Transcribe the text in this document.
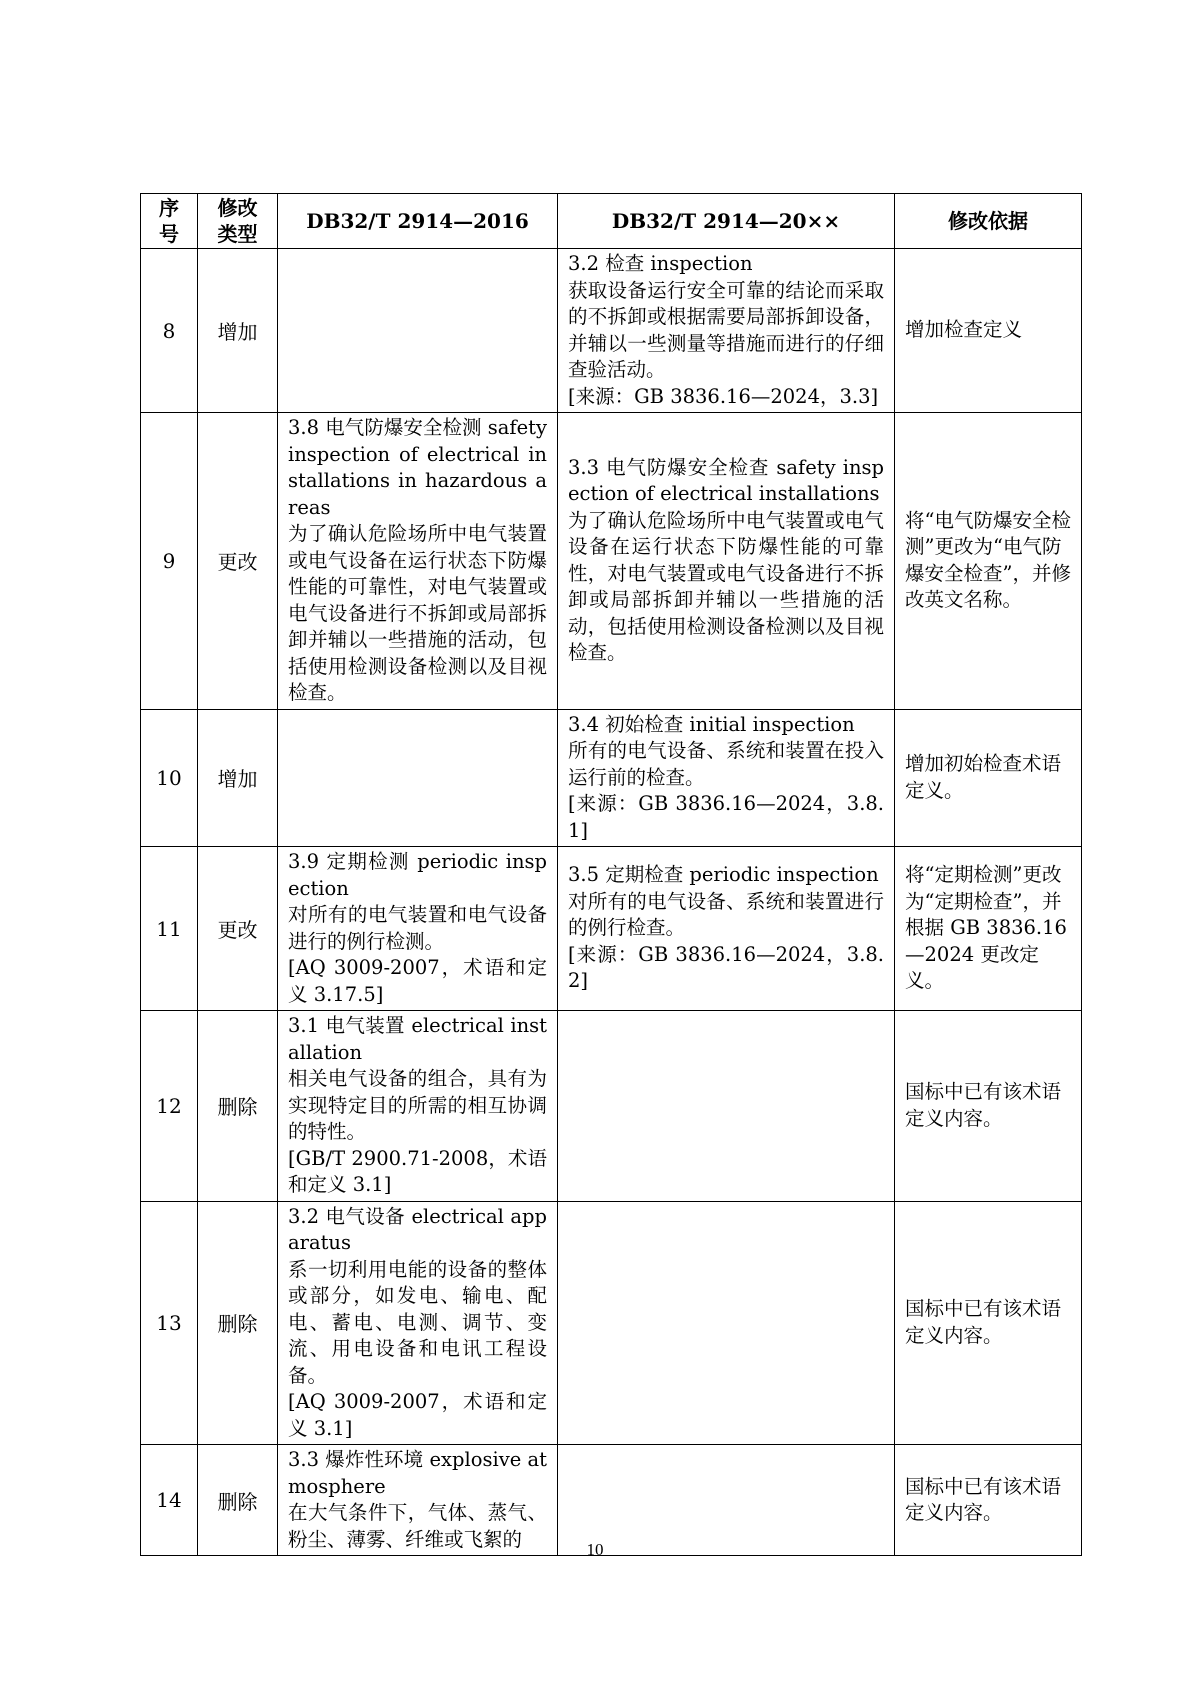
序
号	修改
类型	DB32/T 2914—2016	DB32/T 2914—20××	修改依据
8	增加		3.2 检查 inspection
获取设备运行安全可靠的结论而采取的不拆卸或根据需要局部拆卸设备，并辅以一些测量等措施而进行的仔细查验活动。
[来源：GB 3836.16—2024，3.3]	增加检查定义
9	更改	3.8 电气防爆安全检测 safety inspection of electrical installations in hazardous areas
为了确认危险场所中电气装置或电气设备在运行状态下防爆性能的可靠性，对电气装置或电气设备进行不拆卸或局部拆卸并辅以一些措施的活动，包括使用检测设备检测以及目视检查。	3.3 电气防爆安全检查 safety inspection of electrical installations
为了确认危险场所中电气装置或电气设备在运行状态下防爆性能的可靠性，对电气装置或电气设备进行不拆卸或局部拆卸并辅以一些措施的活动，包括使用检测设备检测以及目视检查。	将“电气防爆安全检测”更改为“电气防爆安全检查”，并修改英文名称。
10	增加		3.4 初始检查 initial inspection
所有的电气设备、系统和装置在投入运行前的检查。
[来源：GB 3836.16—2024，3.8.1]	增加初始检查术语定义。
11	更改	3.9 定期检测 periodic inspection
对所有的电气装置和电气设备进行的例行检测。
[AQ 3009-2007，术语和定义 3.17.5]	3.5 定期检查 periodic inspection
对所有的电气设备、系统和装置进行的例行检查。
[来源：GB 3836.16—2024，3.8.2]	将“定期检测”更改为“定期检查”，并根据 GB 3836.16—2024 更改定义。
12	删除	3.1 电气装置 electrical installation
相关电气设备的组合，具有为实现特定目的所需的相互协调的特性。
[GB/T 2900.71-2008，术语和定义 3.1]		国标中已有该术语定义内容。
13	删除	3.2 电气设备 electrical apparatus
系一切利用电能的设备的整体或部分，如发电、输电、配电、蓄电、电测、调节、变流、用电设备和电讯工程设备。
[AQ 3009-2007，术语和定义 3.1]		国标中已有该术语定义内容。
14	删除	3.3 爆炸性环境 explosive atmosphere
在大气条件下，气体、蒸气、粉尘、薄雾、纤维或飞絮的		国标中已有该术语定义内容。
10
